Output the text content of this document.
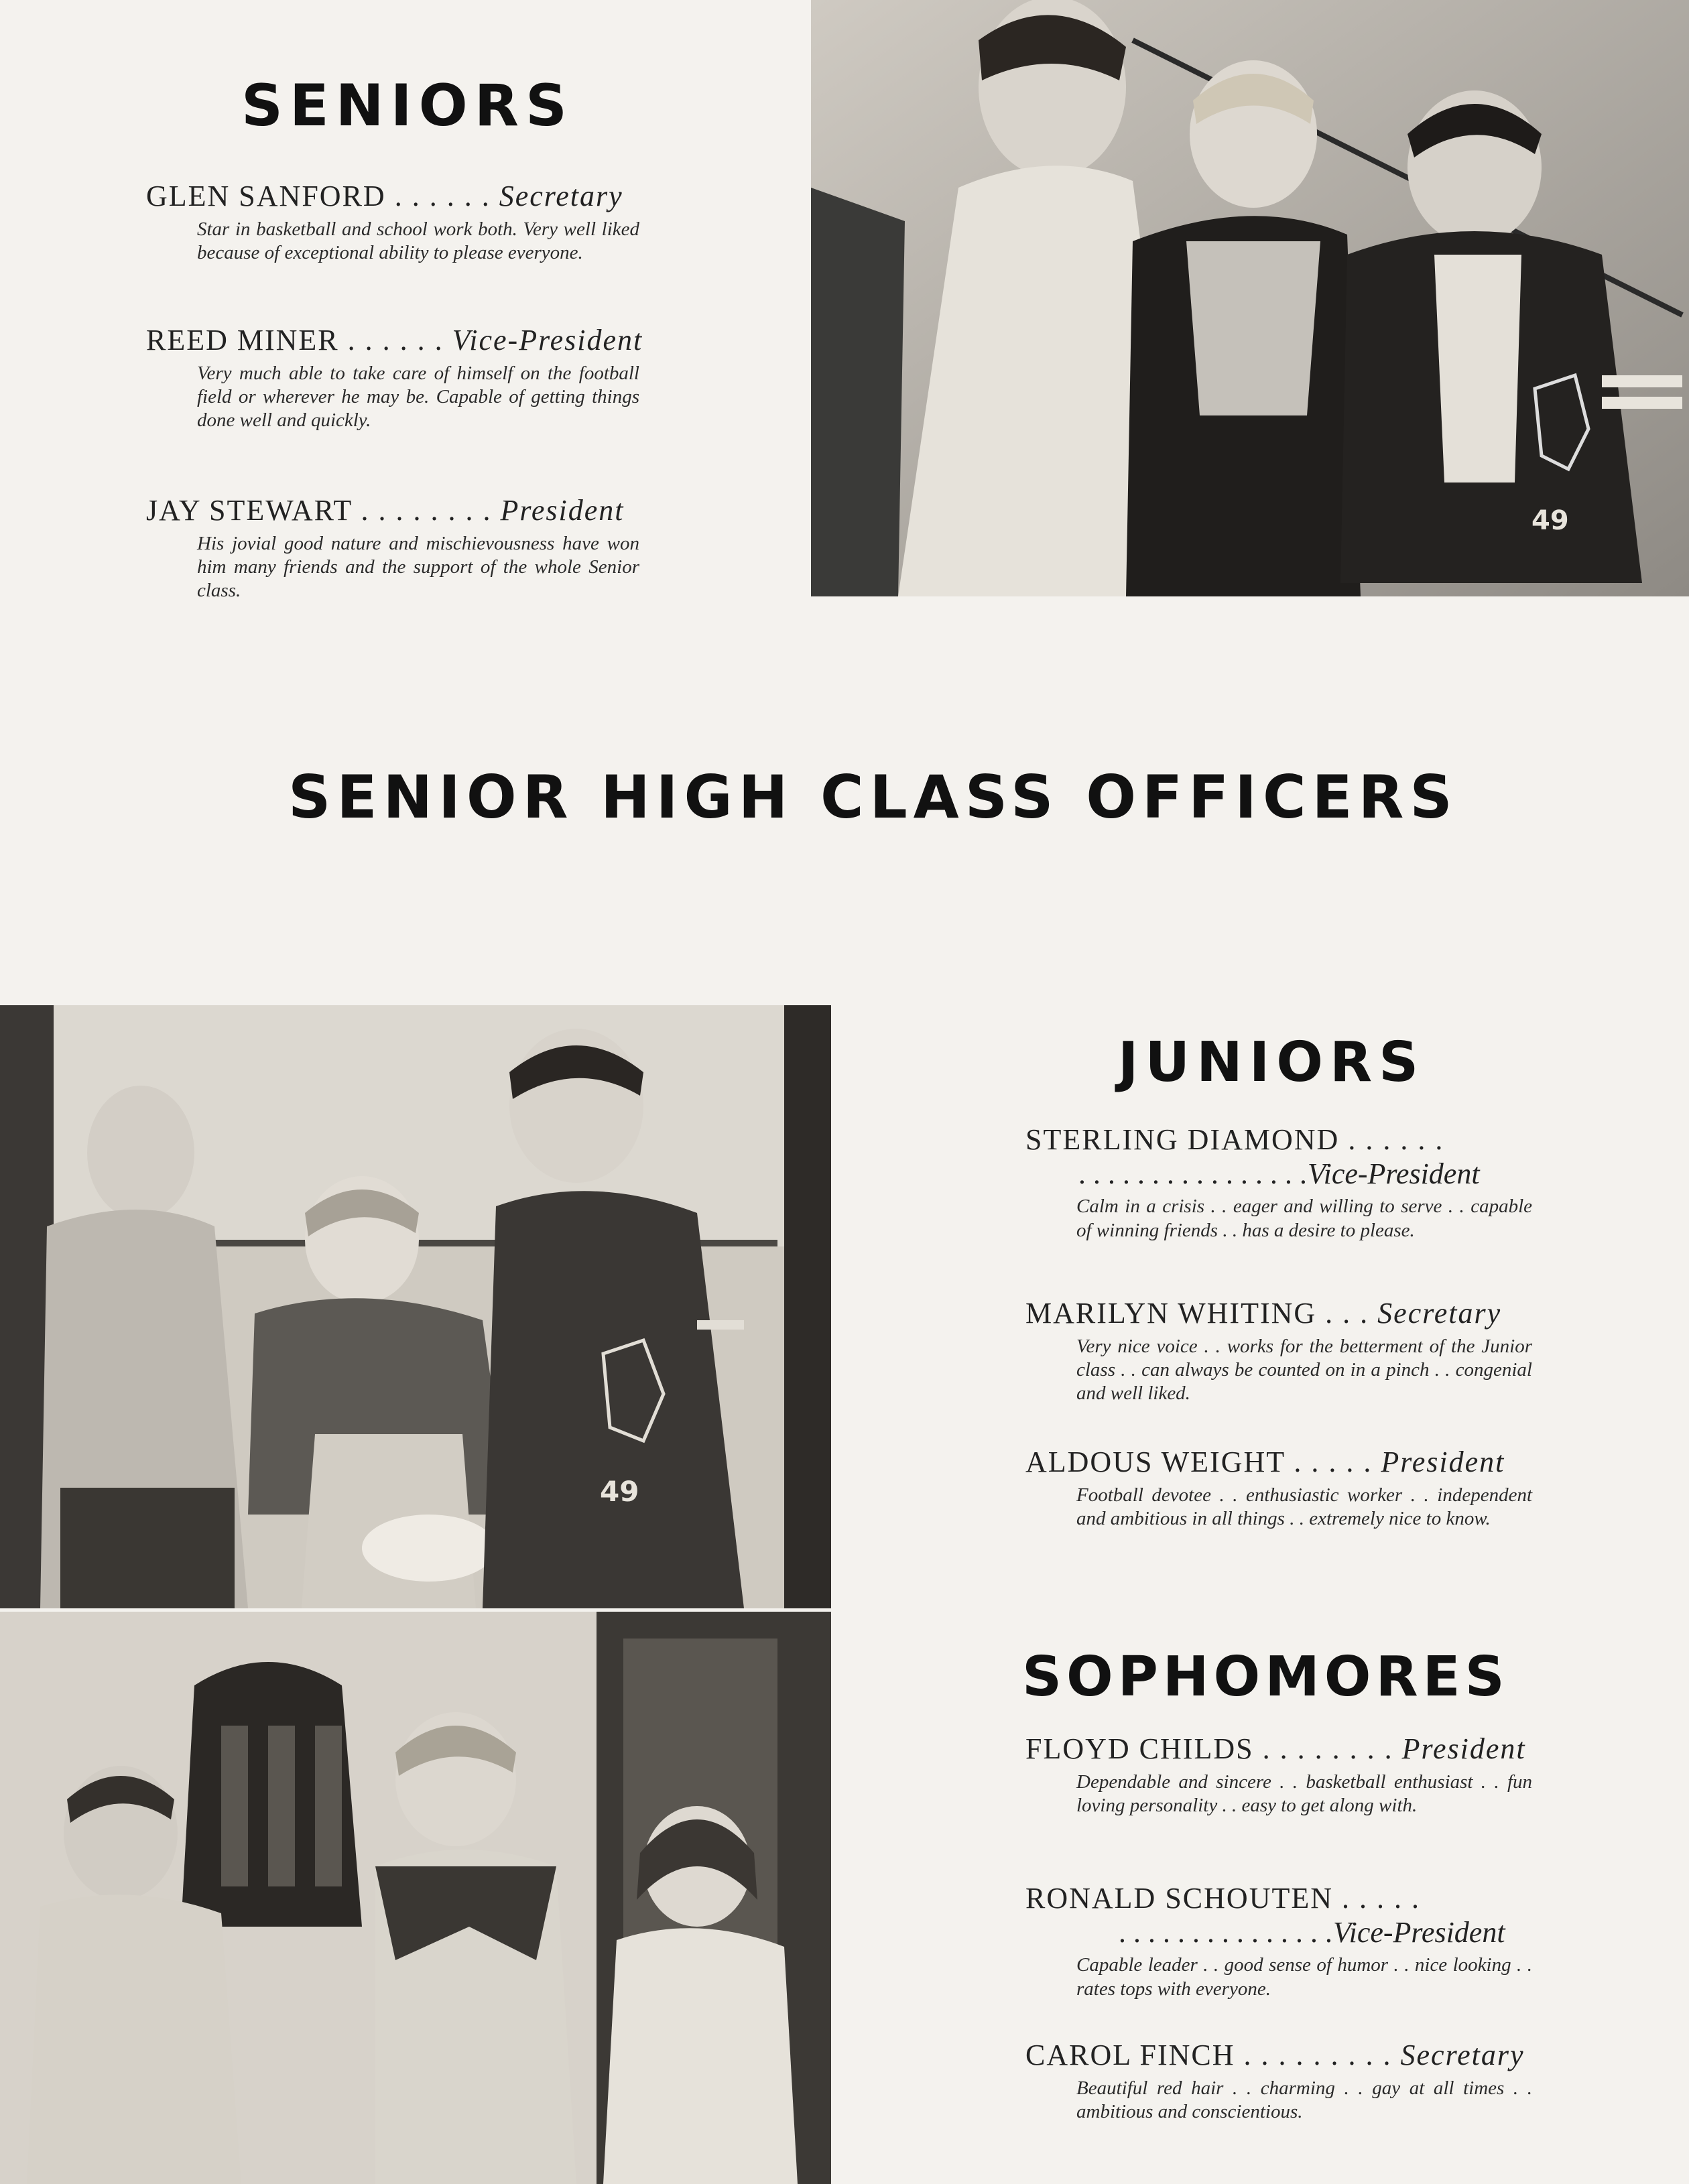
SENIORS
GLEN SANFORD . . . . . . Secretary
Star in basketball and school work both. Very well liked because of exceptional ability to please everyone.
REED MINER . . . . . . Vice-President
Very much able to take care of himself on the football field or wherever he may be. Capable of getting things done well and quickly.
JAY STEWART . . . . . . . . President
His jovial good nature and mischievousness have won him many friends and the support of the whole Senior class.
49
SENIOR HIGH CLASS OFFICERS
49
JUNIORS
STERLING DIAMOND . . . . . .
. . . . . . . . . . . . . . . .Vice-President
Calm in a crisis . . eager and willing to serve . . capable of winning friends . . has a desire to please.
MARILYN WHITING . . . Secretary
Very nice voice . . works for the betterment of the Junior class . . can always be counted on in a pinch . . congenial and well liked.
ALDOUS WEIGHT . . . . . President
Football devotee . . enthusiastic worker . . independent and ambitious in all things . . extremely nice to know.
SOPHOMORES
FLOYD CHILDS . . . . . . . . President
Dependable and sincere . . basketball enthusiast . . fun loving personality . . easy to get along with.
RONALD SCHOUTEN . . . . .
. . . . . . . . . . . . . . .Vice-President
Capable leader . . good sense of humor . . nice looking . . rates tops with everyone.
CAROL FINCH . . . . . . . . . Secretary
Beautiful red hair . . charming . . gay at all times . . ambitious and conscientious.
